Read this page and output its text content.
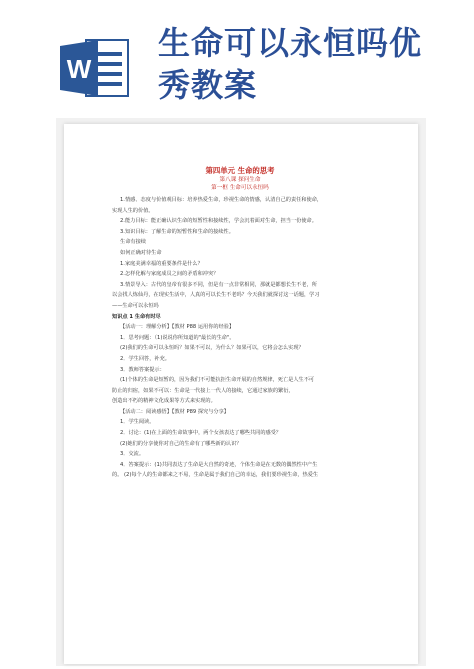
W
生命可以永恒吗优
秀教案
第四单元 生命的思考
第八课 探问生命
第一框 生命可以永恒吗
1.情感、态度与价值观目标：培养热爱生命，珍视生命的情感，认清自己的责任和使命，
实现人生的价值。
2.能力目标：能正确认识生命的短暂性和接续性，学会沉着面对生命，担当一份使命。
3.知识目标：了解生命的短暂性和生命的接续性。
生命有接续
如何正确对待生命
1.家庭美满幸福的重要条件是什么？
2.怎样化解与家庭成员之间的矛盾和冲突？
3.情景导入：古代的皇帝有很多不同，但是有一点非常相同，那就是都想长生不老，所
以会找人炼仙丹，在现实生活中，人真的可以长生不老吗？今天我们就探讨这一话题，学习
——生命可以永恒吗
知识点 1 生命有时尽
【活动一：理解分析】【教材 P88 运用你的经验】
1．思考问题：（1)说说你所知道的"最长的生命"。
(2)我们的生命可以永恒吗？如果不可以，为什么？如果可以，它将会怎么实现？
2．学生回答，补充。
3．教师答案提示：
(1)个体的生命是短暂的，因为我们不可能抗拒生命开展的自然规律，死亡是人生不可
防止的归宿，如果不可以：生命是一代接上一代人的接续，它通过家族的繁衍，
创造出不朽的精神文化成果等方式来实现的。
【活动二：阅读感悟】【教材 P89 探究与分享】
1．学生阅读。
2．讨论：(1)在上面的生命故事中，两个女孩表达了哪些共同的感受？
(2)她们的分享使你对自己的生命有了哪些新的认识？
3．交流。
4．答案提示：(1)共同表达了生命是大自然的奇迹，个体生命是在无数的偶然性中产生
的。 (2)每个人的生命都来之不易，生命是属于我们自己的幸运，我们要珍视生命，热爱生
